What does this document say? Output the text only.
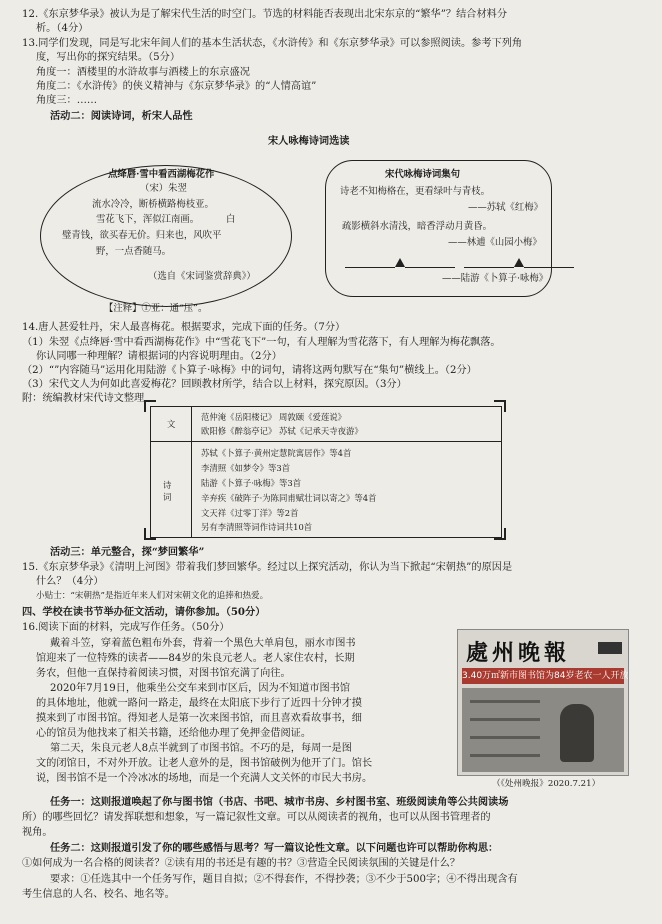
12.《东京梦华录》被认为是了解宋代生活的时空门。节选的材料能否表现出北宋东京的“繁华”？结合材料分
析。（4分）
13.同学们发现，同是写北宋年间人们的基本生活状态，《水浒传》和《东京梦华录》可以参照阅读。参考下列角
度，写出你的探究结果。（5分）
角度一：酒楼里的水浒故事与酒楼上的东京盛况
角度二：《水浒传》的侠义精神与《东京梦华录》的“人情高谊”
角度三：……
活动二：阅读诗词，析宋人品性
宋人咏梅诗词选读
点绛唇·雪中看西湖梅花作
（宋）朱翌
流水冷冷，断桥横路梅枝亚。
雪花飞下，浑似江南画。	白
璧青钱，欲买春无价。归来也，风吹平
野，一点香随马。
（选自《宋词鉴赏辞典》）
【注释】①亚：通“压”。
宋代咏梅诗词集句
诗老不知梅格在，更看绿叶与青枝。
——苏轼《红梅》
疏影横斜水清浅，暗香浮动月黄昏。
——林逋《山园小梅》

——陆游《卜算子·咏梅》
14.唐人甚爱牡丹，宋人最喜梅花。根据要求，完成下面的任务。（7分）
（1）朱翌《点绛唇·雪中看西湖梅花作》中“雪花飞下”一句，有人理解为雪花落下，有人理解为梅花飘落。
你认同哪一种理解？请根据词的内容说明理由。（2分）
（2）“”内容随马”运用化用陆游《卜算子·咏梅》中的词句，请将这两句默写在“集句”横线上。（2分）
（3）宋代文人为何如此喜爱梅花？回顾教材所学，结合以上材料，探究原因。（3分）
附：统编教材宋代诗文整理
文
范仲淹《岳阳楼记》 周敦颐《爱莲说》
欧阳修《醉翁亭记》 苏轼《记承天寺夜游》
诗词
苏轼《卜算子·黄州定慧院寓居作》等4首
李清照《如梦令》等3首
陆游《卜算子·咏梅》等3首
辛弃疾《破阵子·为陈同甫赋壮词以寄之》等4首
文天祥《过零丁洋》等2首
另有李清照等词作诗词共10首
活动三：单元整合，探“梦回繁华”
15.《东京梦华录》《清明上河图》带着我们梦回繁华。经过以上探究活动，你认为当下掀起“宋朝热”的原因是
什么？（4分）
小贴士：“宋朝热”是指近年来人们对宋朝文化的追捧和热爱。
四、学校在读书节举办征文活动，请你参加。（50分）
16.阅读下面的材料，完成写作任务。（50分）
戴着斗笠，穿着蓝色粗布外套，背着一个黑色大单肩包，丽水市图书
馆迎来了一位特殊的读者——84岁的朱良元老人。老人家住农村，长期
务农，但他一直保持着阅读习惯，对图书馆充满了向往。
2020年7月19日，他乘坐公交车来到市区后，因为不知道市图书馆
的具体地址，他就一路问一路走，最终在太阳底下步行了近四十分钟才摸
摸来到了市图书馆。得知老人是第一次来图书馆，而且喜欢看故事书，细
心的馆员为他找来了相关书籍，还给他办理了免押金借阅证。
第二天，朱良元老人8点半就到了市图书馆。不巧的是，每周一是图
文的闭馆日，不对外开放。让老人意外的是，图书馆破例为他开了门。馆长
说，图书馆不是一个冷冰冰的场地，而是一个充满人文关怀的市民大书房。
處州晚報
3.40万㎡新市图书馆为84岁老农一人开放
（《处州晚报》2020.7.21）
任务一：这则报道唤起了你与图书馆（书店、书吧、城市书房、乡村图书室、班级阅读角等公共阅读场
所）的哪些回忆？请发挥联想和想象，写一篇记叙性文章。可以从阅读者的视角，也可以从图书管理者的
视角。
任务二：这则报道引发了你的哪些感悟与思考？写一篇议论性文章。以下问题也许可以帮助你构思：
①如何成为一名合格的阅读者？②读有用的书还是有趣的书？③营造全民阅读氛围的关键是什么？
要求：①任选其中一个任务写作，题目自拟；②不得套作，不得抄袭；③不少于500字；④不得出现含有
考生信息的人名、校名、地名等。
